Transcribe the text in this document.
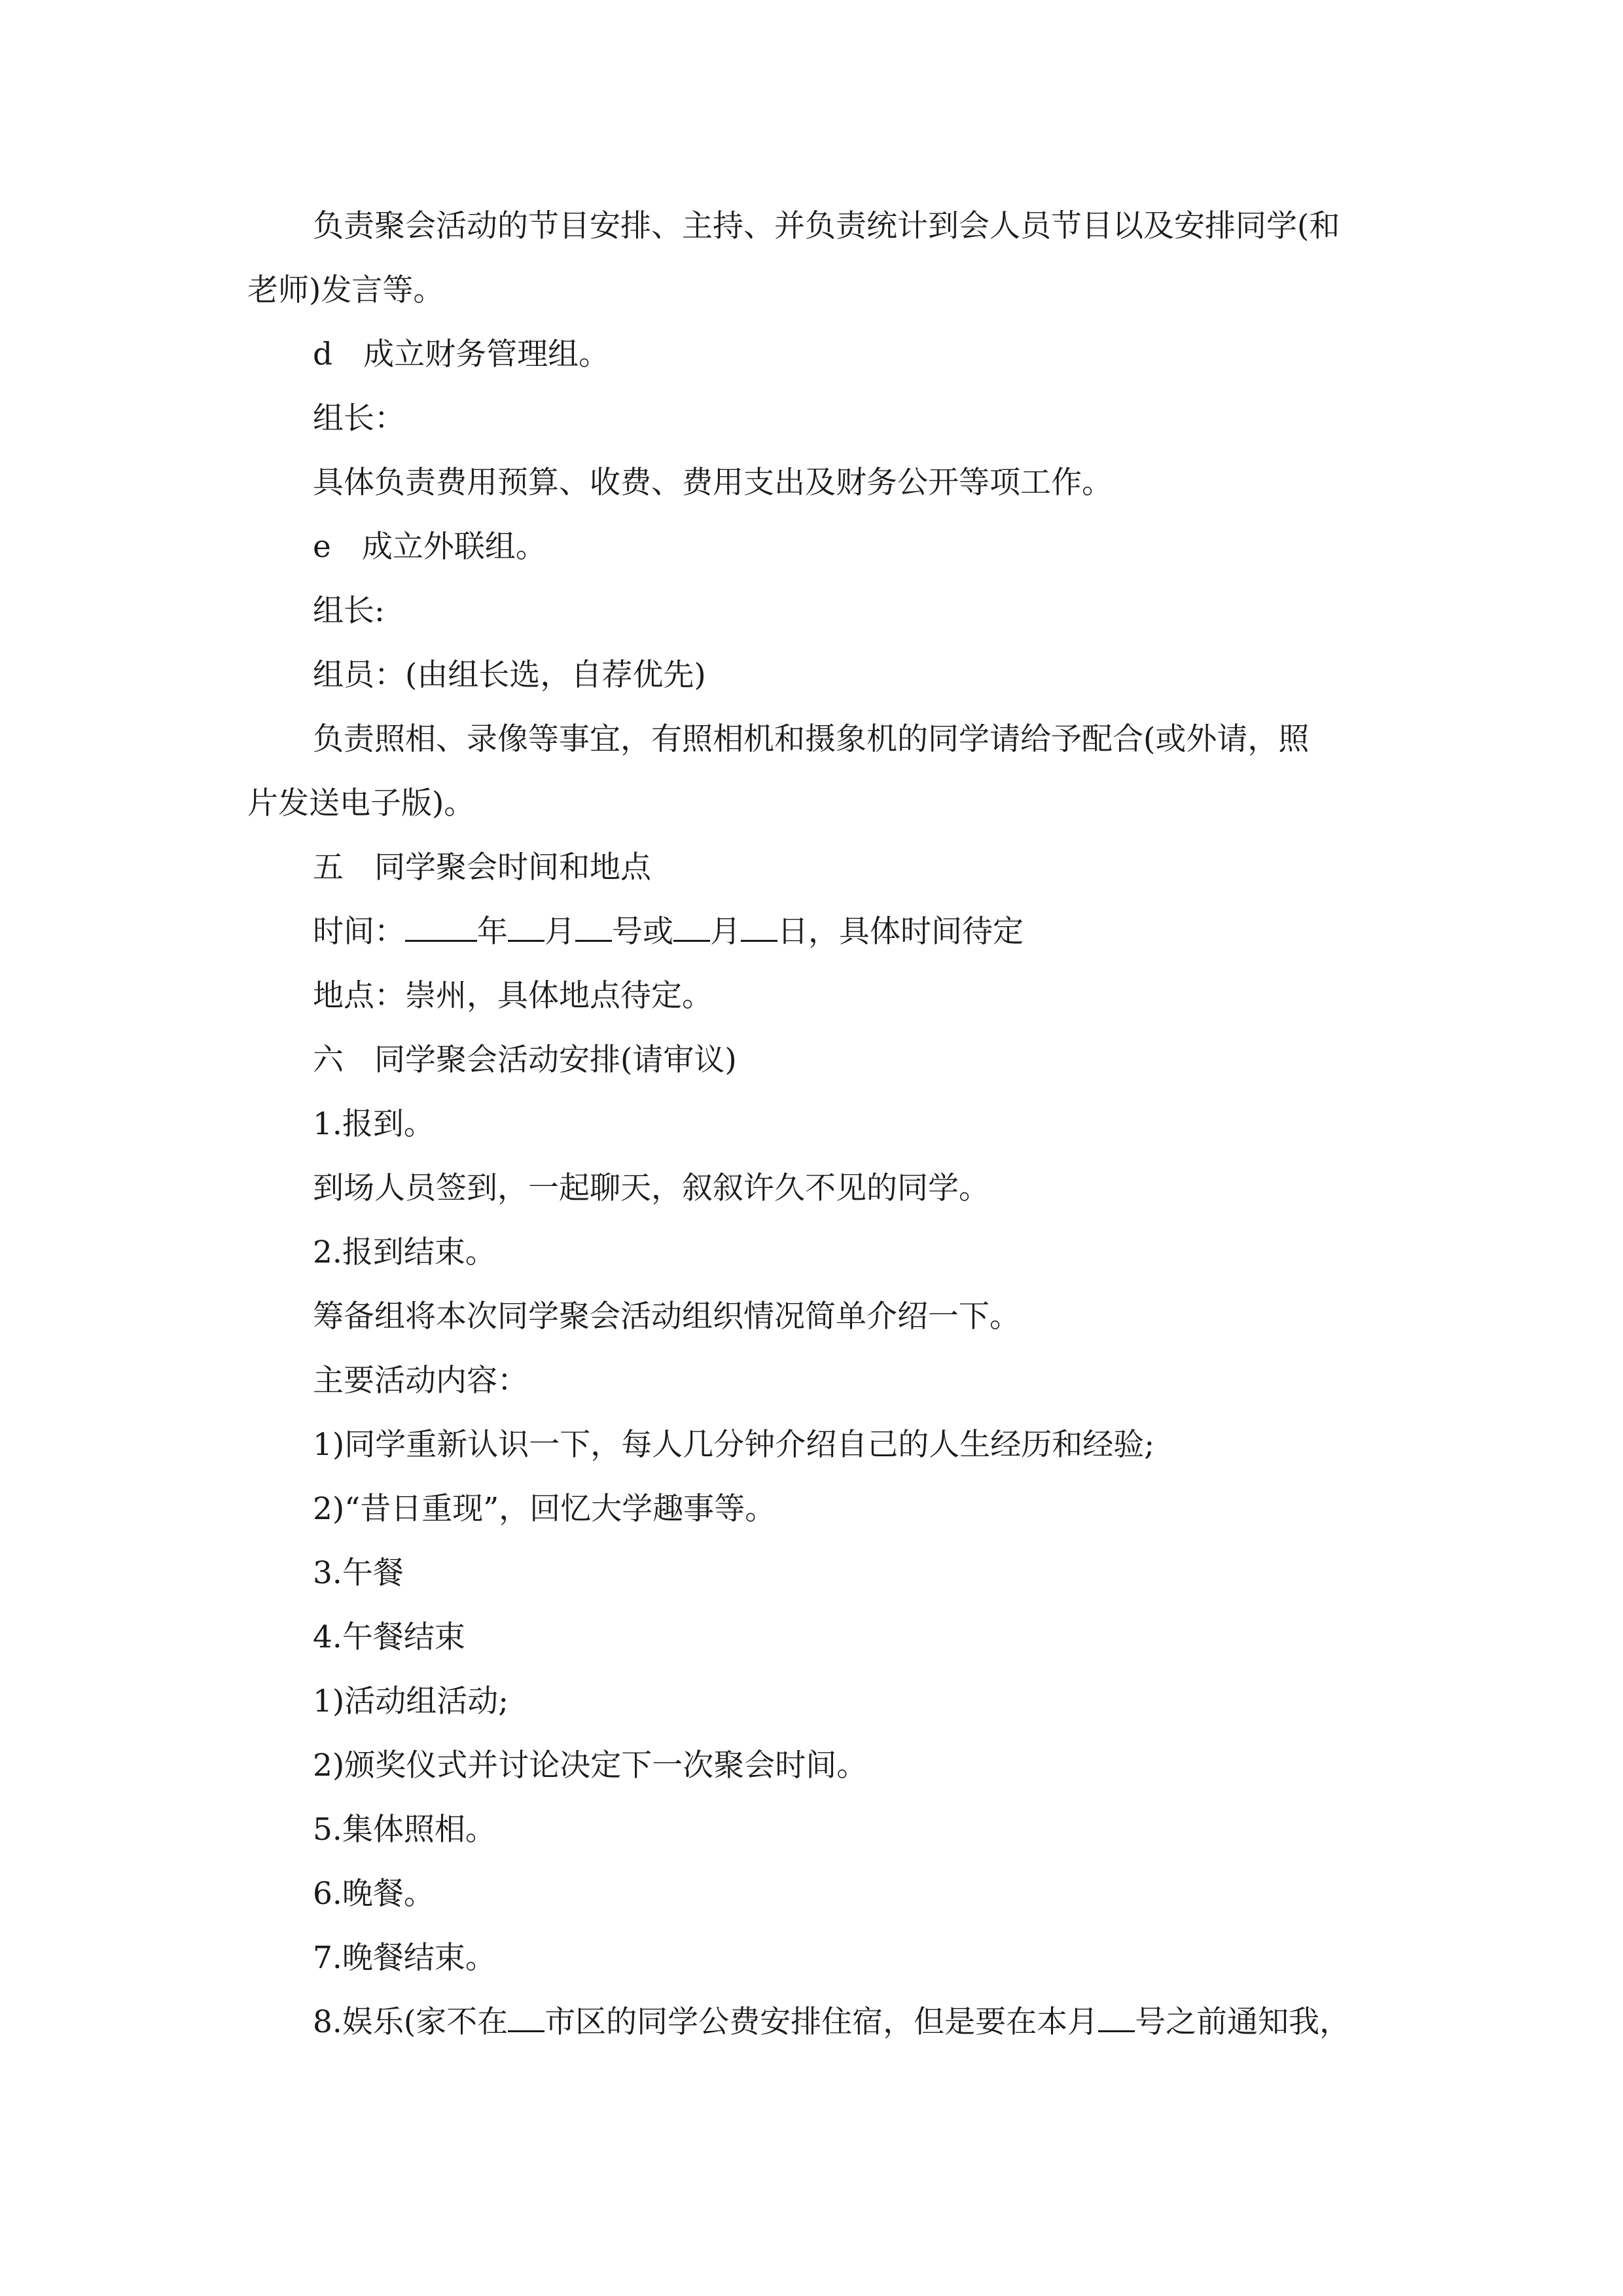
负责聚会活动的节目安排、主持、并负责统计到会人员节目以及安排同学(和
老师)发言等。
d　成立财务管理组。
组长：
具体负责费用预算、收费、费用支出及财务公开等项工作。
e　成立外联组。
组长:
组员：(由组长选，自荐优先)
负责照相、录像等事宜，有照相机和摄象机的同学请给予配合(或外请，照
片发送电子版)。
五　同学聚会时间和地点
时间： 年 月 号或 月 日，具体时间待定
地点：崇州，具体地点待定。
六　同学聚会活动安排(请审议)
1.报到。
到场人员签到，一起聊天，叙叙许久不见的同学。
2.报到结束。
筹备组将本次同学聚会活动组织情况简单介绍一下。
主要活动内容：
1)同学重新认识一下，每人几分钟介绍自己的人生经历和经验;
2)“昔日重现”，回忆大学趣事等。
3.午餐
4.午餐结束
1)活动组活动;
2)颁奖仪式并讨论决定下一次聚会时间。
5.集体照相。
6.晚餐。
7.晚餐结束。
8.娱乐(家不在 市区的同学公费安排住宿，但是要在本月 号之前通知我，
